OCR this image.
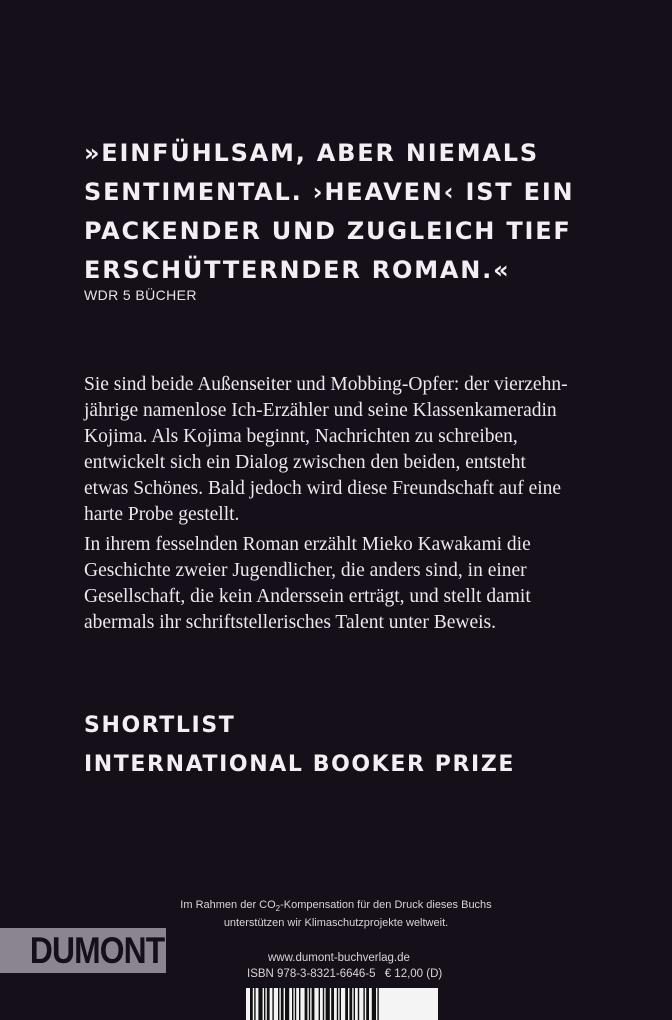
»EINFÜHLSAM, ABER NIEMALS
SENTIMENTAL. ›HEAVEN‹ IST EIN
PACKENDER UND ZUGLEICH TIEF
ERSCHÜTTERNDER ROMAN.«
WDR 5 BÜCHER
Sie sind beide Außenseiter und Mobbing-Opfer: der vierzehn-
jährige namenlose Ich-Erzähler und seine Klassenkameradin
Kojima. Als Kojima beginnt, Nachrichten zu schreiben,
entwickelt sich ein Dialog zwischen den beiden, entsteht
etwas Schönes. Bald jedoch wird diese Freundschaft auf eine
harte Probe gestellt.
In ihrem fesselnden Roman erzählt Mieko Kawakami die
Geschichte zweier Jugendlicher, die anders sind, in einer
Gesellschaft, die kein Anderssein erträgt, und stellt damit
abermals ihr schriftstellerisches Talent unter Beweis.
SHORTLIST
INTERNATIONAL BOOKER PRIZE
Im Rahmen der $CO_2$-Kompensation für den Druck dieses Buchs
unterstützen wir Klimaschutzprojekte weltweit.
DUMONT	www.dumont-buchverlag.de
ISBN 978-3-8321-6646-5 € 12,00 (D)
